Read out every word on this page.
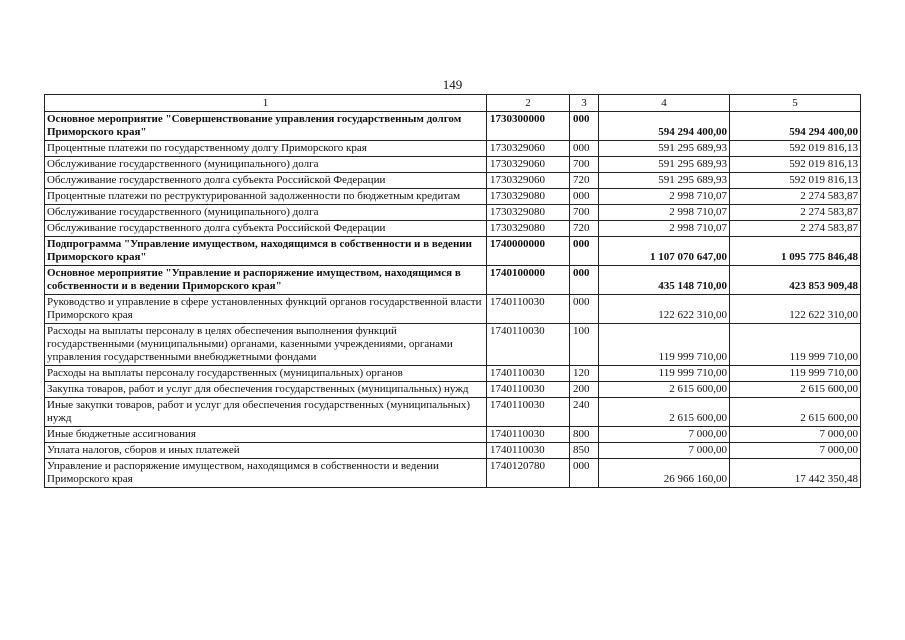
149
1	2	3	4	5
Основное мероприятие "Совершенствование управления государственным долгом Приморского края"	1730300000	000	594 294 400,00	594 294 400,00
Процентные платежи по государственному долгу Приморского края	1730329060	000	591 295 689,93	592 019 816,13
Обслуживание государственного (муниципального) долга	1730329060	700	591 295 689,93	592 019 816,13
Обслуживание государственного долга субъекта Российской Федерации	1730329060	720	591 295 689,93	592 019 816,13
Процентные платежи по реструктурированной задолженности по бюджетным кредитам	1730329080	000	2 998 710,07	2 274 583,87
Обслуживание государственного (муниципального) долга	1730329080	700	2 998 710,07	2 274 583,87
Обслуживание государственного долга субъекта Российской Федерации	1730329080	720	2 998 710,07	2 274 583,87
Подпрограмма "Управление имуществом, находящимся в собственности и в ведении Приморского края"	1740000000	000	1 107 070 647,00	1 095 775 846,48
Основное мероприятие "Управление и распоряжение имуществом, находящимся в собственности и в ведении Приморского края"	1740100000	000	435 148 710,00	423 853 909,48
Руководство и управление в сфере установленных функций органов государственной власти Приморского края	1740110030	000	122 622 310,00	122 622 310,00
Расходы на выплаты персоналу в целях обеспечения выполнения функций государственными (муниципальными) органами, казенными учреждениями, органами управления государственными внебюджетными фондами	1740110030	100	119 999 710,00	119 999 710,00
Расходы на выплаты персоналу государственных (муниципальных) органов	1740110030	120	119 999 710,00	119 999 710,00
Закупка товаров, работ и услуг для обеспечения государственных (муниципальных) нужд	1740110030	200	2 615 600,00	2 615 600,00
Иные закупки товаров, работ и услуг для обеспечения государственных (муниципальных) нужд	1740110030	240	2 615 600,00	2 615 600,00
Иные бюджетные ассигнования	1740110030	800	7 000,00	7 000,00
Уплата налогов, сборов и иных платежей	1740110030	850	7 000,00	7 000,00
Управление и распоряжение имуществом, находящимся в собственности и ведении Приморского края	1740120780	000	26 966 160,00	17 442 350,48
